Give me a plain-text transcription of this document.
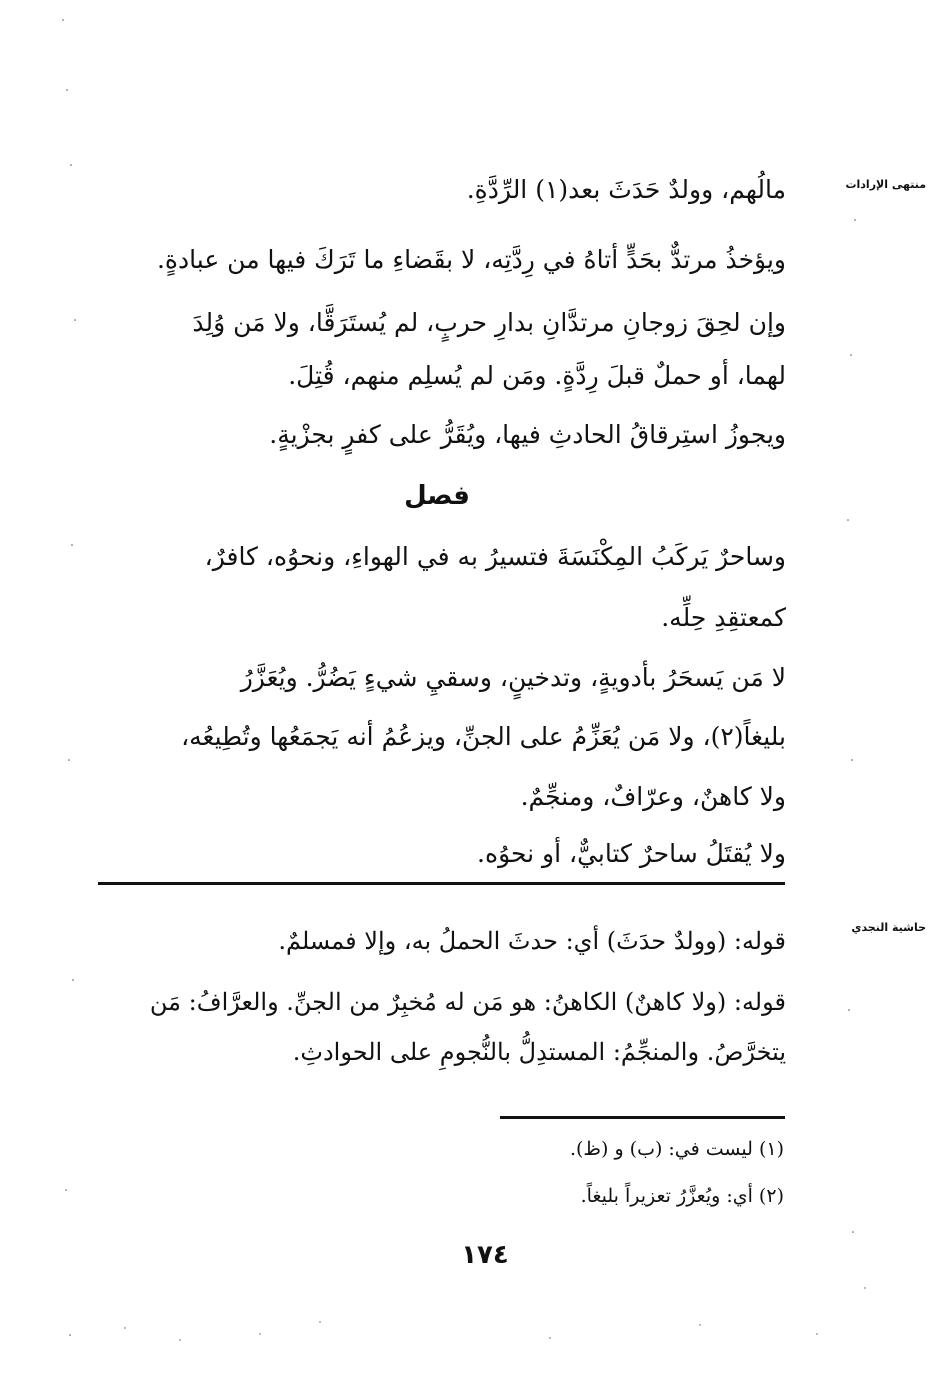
منتهى الإرادات
حاشية النجدي
مالُهم، وولدٌ حَدَثَ بعد(١) الرِّدَّةِ.
ويؤخذُ مرتدٌّ بحَدٍّ أتاهُ في رِدَّتِه، لا بقَضاءِ ما تَرَكَ فيها من عبادةٍ.
وإن لحِقَ زوجانِ مرتدَّانِ بدارِ حربٍ، لم يُستَرَقَّا، ولا مَن وُلِدَ
لهما، أو حملٌ قبلَ رِدَّةٍ. ومَن لم يُسلِم منهم، قُتِلَ.
ويجوزُ استِرقاقُ الحادثِ فيها، ويُقَرُّ على كفرٍ بجزْيةٍ.
فصل
وساحرٌ يَركَبُ المِكْنَسَةَ فتسيرُ به في الهواءِ، ونحوُه، كافرٌ،
كمعتقِدِ حِلِّه.
لا مَن يَسحَرُ بأدويةٍ، وتدخينٍ، وسقيِ شيءٍ يَضُرُّ. ويُعَزَّرُ
بليغاً(٢)، ولا مَن يُعَزِّمُ على الجنِّ، ويزعُمُ أنه يَجمَعُها وتُطِيعُه،
ولا كاهنٌ، وعرّافٌ، ومنجِّمٌ.
ولا يُقتَلُ ساحرٌ كتابيٌّ، أو نحوُه.
قوله: (وولدٌ حدَثَ) أي: حدثَ الحملُ به، وإلا فمسلمٌ.
قوله: (ولا كاهنٌ) الكاهنُ: هو مَن له مُخبِرٌ من الجنِّ. والعرَّافُ: مَن
يتخرَّصُ. والمنجِّمُ: المستدِلُّ بالنُّجومِ على الحوادثِ.
(١) ليست في: (ب) و (ظ).
(٢) أي: ويُعزَّرُ تعزيراً بليغاً.
١٧٤
